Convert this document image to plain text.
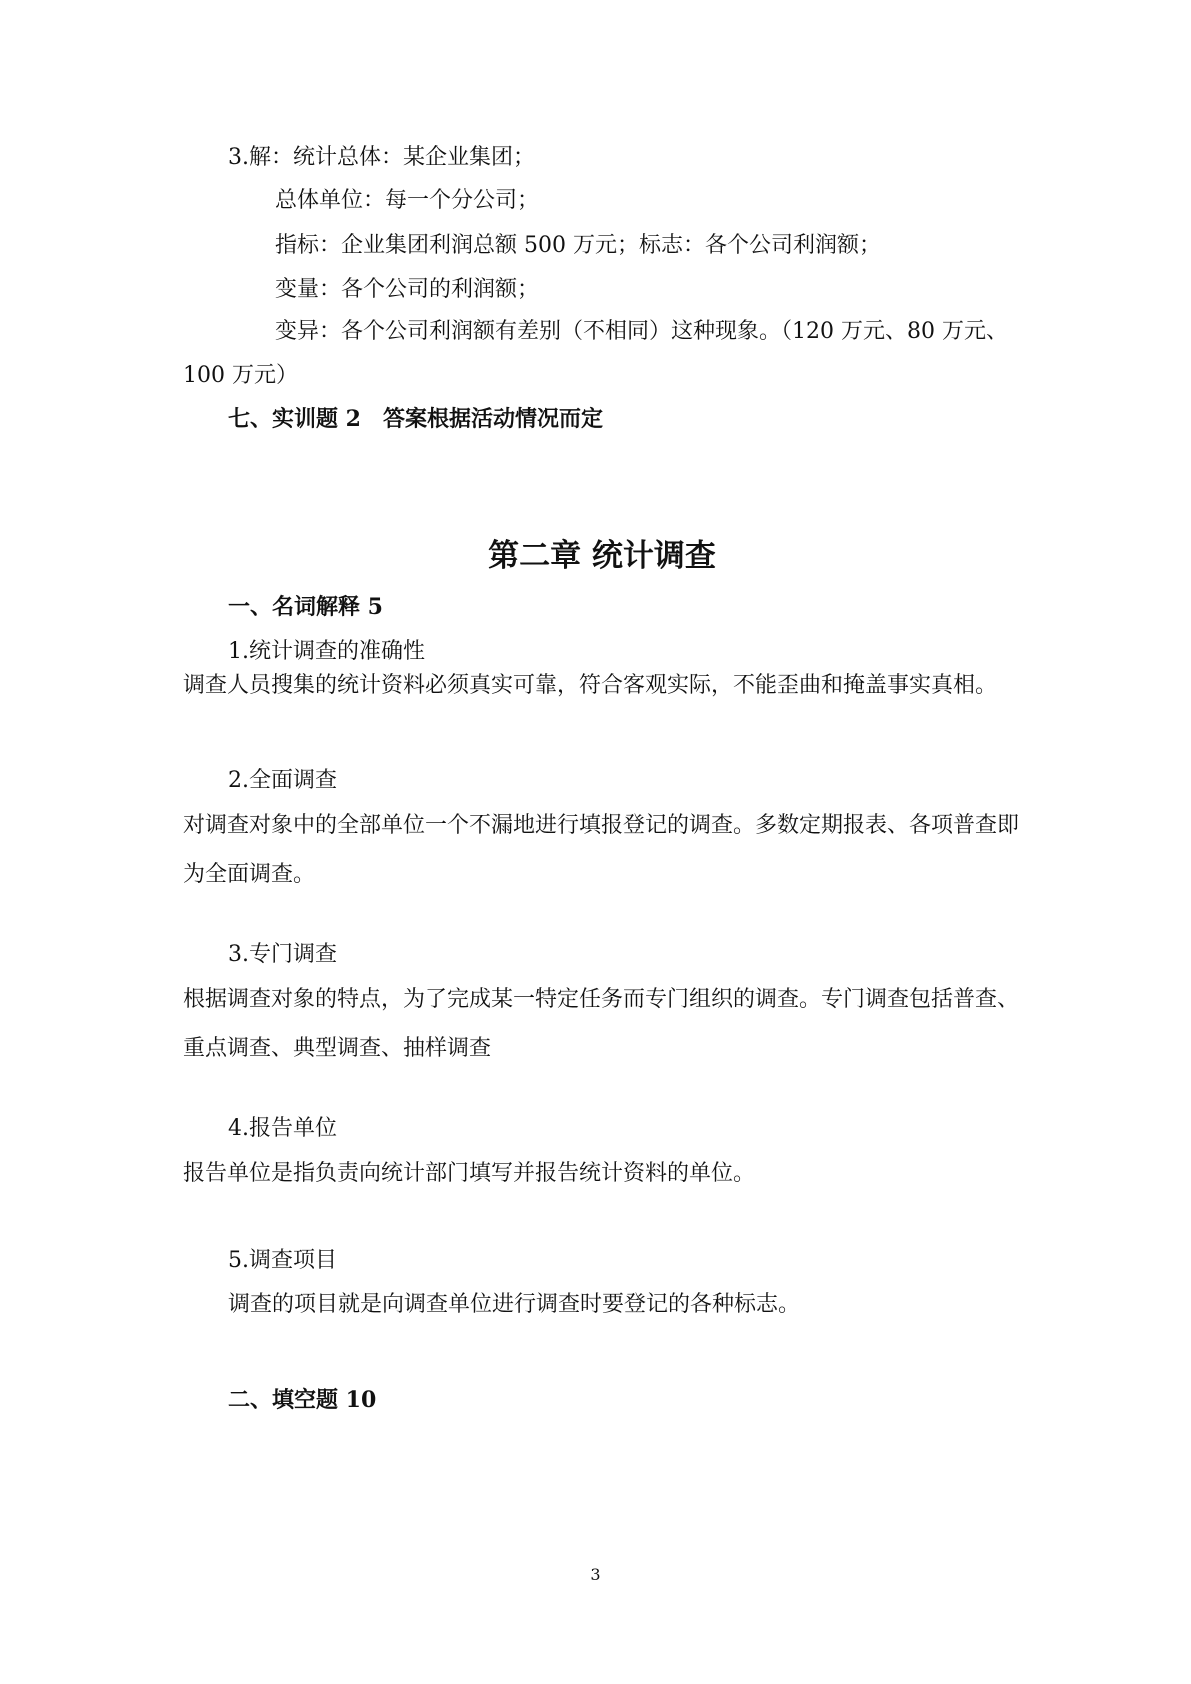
3.解：统计总体：某企业集团；
总体单位：每一个分公司；
指标：企业集团利润总额 500 万元；标志：各个公司利润额；
变量：各个公司的利润额；
变异：各个公司利润额有差别（不相同）这种现象。（120 万元、80 万元、100 万元）
七、实训题 2　答案根据活动情况而定
第二章 统计调查
一、名词解释 5
1.统计调查的准确性
调查人员搜集的统计资料必须真实可靠，符合客观实际，不能歪曲和掩盖事实真相。
2.全面调查
对调查对象中的全部单位一个不漏地进行填报登记的调查。多数定期报表、各项普查即为全面调查。
3.专门调查
根据调查对象的特点，为了完成某一特定任务而专门组织的调查。专门调查包括普查、重点调查、典型调查、抽样调查
4.报告单位
报告单位是指负责向统计部门填写并报告统计资料的单位。
5.调查项目
调查的项目就是向调查单位进行调查时要登记的各种标志。
二、填空题 10
3
